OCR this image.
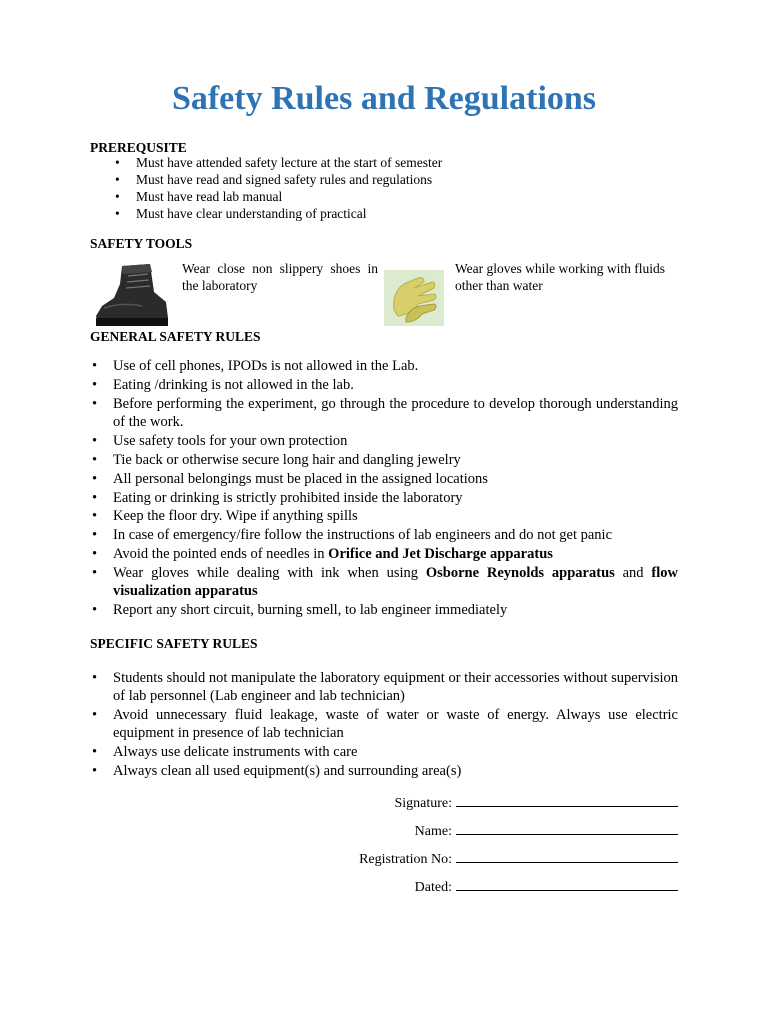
Safety Rules and Regulations
PREREQUSITE
• Must have attended safety lecture at the start of semester
• Must have read and signed safety rules and regulations
• Must have read lab manual
• Must have clear understanding of practical
SAFETY TOOLS
Wear close non slippery shoes in the laboratory
Wear gloves while working with fluids other than water
GENERAL SAFETY RULES
• Use of cell phones, IPODs is not allowed in the Lab.
• Eating /drinking is not allowed in the lab.
• Before performing the experiment, go through the procedure to develop thorough understanding of the work.
• Use safety tools for your own protection
• Tie back or otherwise secure long hair and dangling jewelry
• All personal belongings must be placed in the assigned locations
• Eating or drinking is strictly prohibited inside the laboratory
• Keep the floor dry. Wipe if anything spills
• In case of emergency/fire follow the instructions of lab engineers and do not get panic
• Avoid the pointed ends of needles in Orifice and Jet Discharge apparatus
• Wear gloves while dealing with ink when using Osborne Reynolds apparatus and flow visualization apparatus
• Report any short circuit, burning smell, to lab engineer immediately
SPECIFIC SAFETY RULES
• Students should not manipulate the laboratory equipment or their accessories without supervision of lab personnel (Lab engineer and lab technician)
• Avoid unnecessary fluid leakage, waste of water or waste of energy. Always use electric equipment in presence of lab technician
• Always use delicate instruments with care
• Always clean all used equipment(s) and surrounding area(s)
Signature:
Name:
Registration No:
Dated:
